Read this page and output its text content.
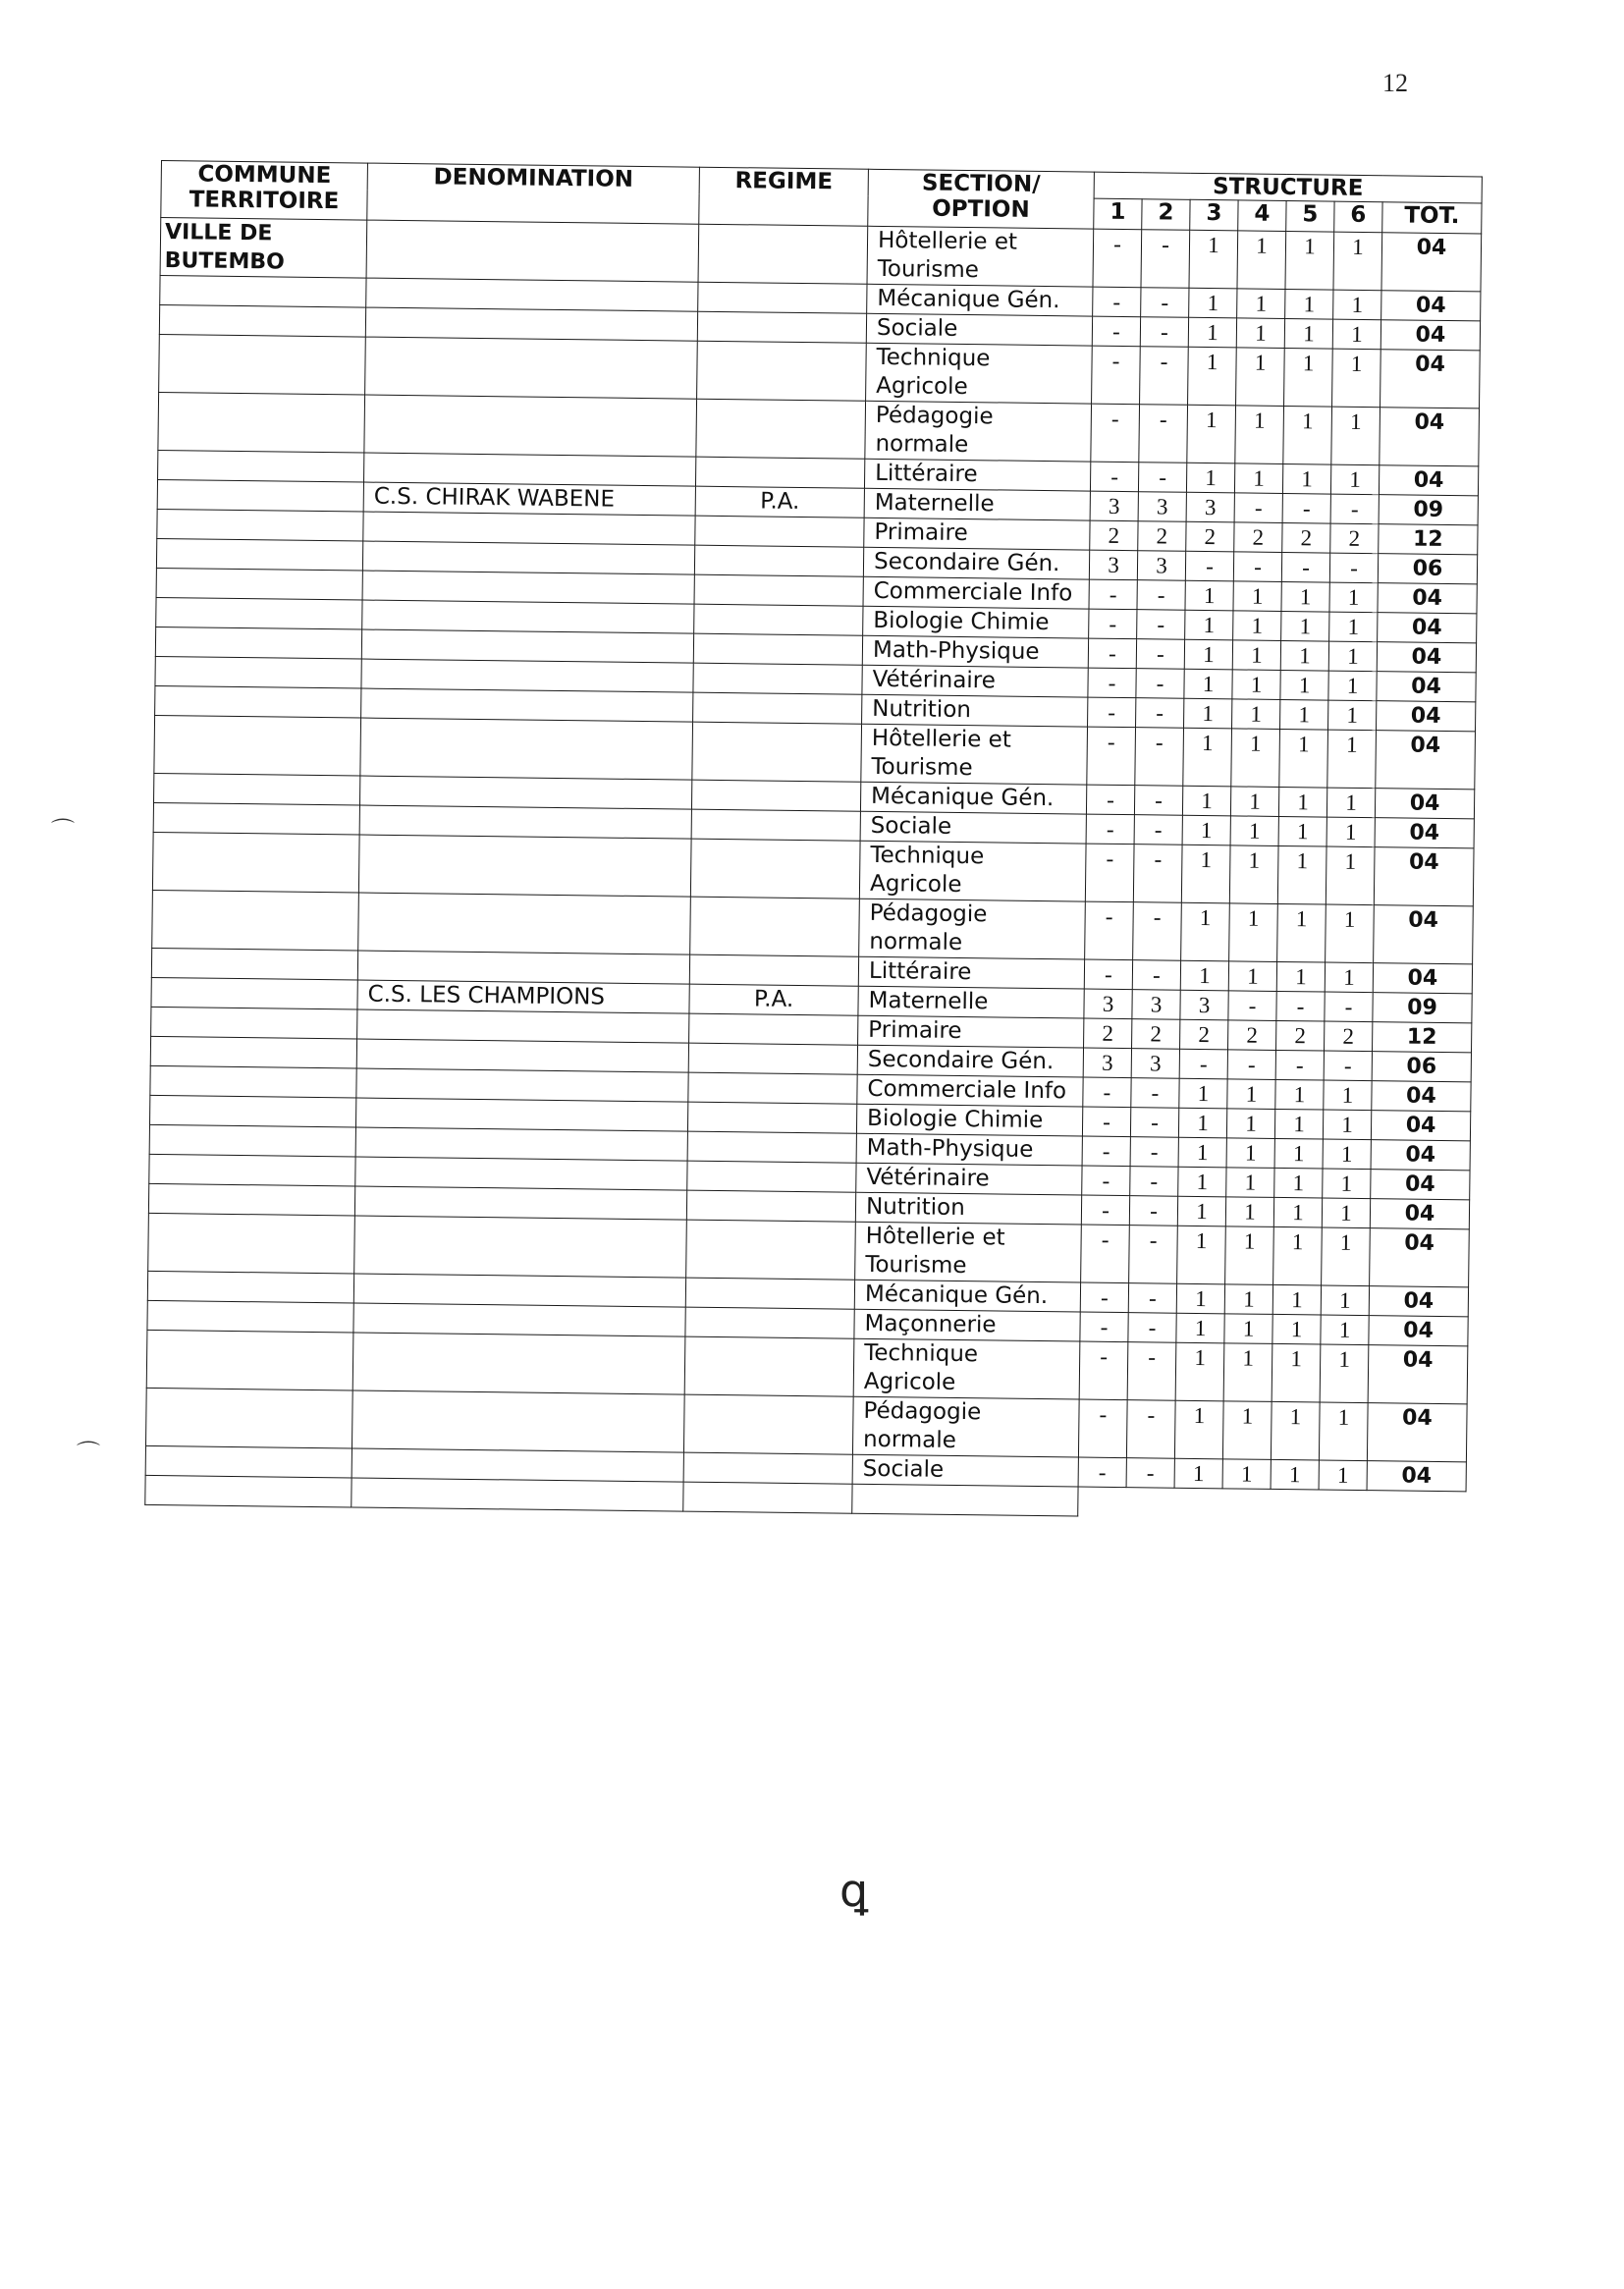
12
COMMUNE TERRITOIRE	DENOMINATION	REGIME	SECTION/ OPTION	STRUCTURE						
				1	2	3	4	5	6	TOT.
VILLE DE BUTEMBO			Hôtellerie et Tourisme	-	-	1	1	1	1	04
			Mécanique Gén.	-	-	1	1	1	1	04
			Sociale	-	-	1	1	1	1	04
			Technique Agricole	-	-	1	1	1	1	04
			Pédagogie normale	-	-	1	1	1	1	04
			Littéraire	-	-	1	1	1	1	04
	C.S. CHIRAK WABENE	P.A.	Maternelle	3	3	3	-	-	-	09
			Primaire	2	2	2	2	2	2	12
			Secondaire Gén.	3	3	-	-	-	-	06
			Commerciale Info	-	-	1	1	1	1	04
			Biologie Chimie	-	-	1	1	1	1	04
			Math-Physique	-	-	1	1	1	1	04
			Vétérinaire	-	-	1	1	1	1	04
			Nutrition	-	-	1	1	1	1	04
			Hôtellerie et Tourisme	-	-	1	1	1	1	04
			Mécanique Gén.	-	-	1	1	1	1	04
			Sociale	-	-	1	1	1	1	04
			Technique Agricole	-	-	1	1	1	1	04
			Pédagogie normale	-	-	1	1	1	1	04
			Littéraire	-	-	1	1	1	1	04
	C.S. LES CHAMPIONS	P.A.	Maternelle	3	3	3	-	-	-	09
			Primaire	2	2	2	2	2	2	12
			Secondaire Gén.	3	3	-	-	-	-	06
			Commerciale Info	-	-	1	1	1	1	04
			Biologie Chimie	-	-	1	1	1	1	04
			Math-Physique	-	-	1	1	1	1	04
			Vétérinaire	-	-	1	1	1	1	04
			Nutrition	-	-	1	1	1	1	04
			Hôtellerie et Tourisme	-	-	1	1	1	1	04
			Mécanique Gén.	-	-	1	1	1	1	04
			Maçonnerie	-	-	1	1	1	1	04
			Technique Agricole	-	-	1	1	1	1	04
			Pédagogie normale	-	-	1	1	1	1	04
			Sociale	-	-	1	1	1	1	04

⌒
⌒
ꝗ
